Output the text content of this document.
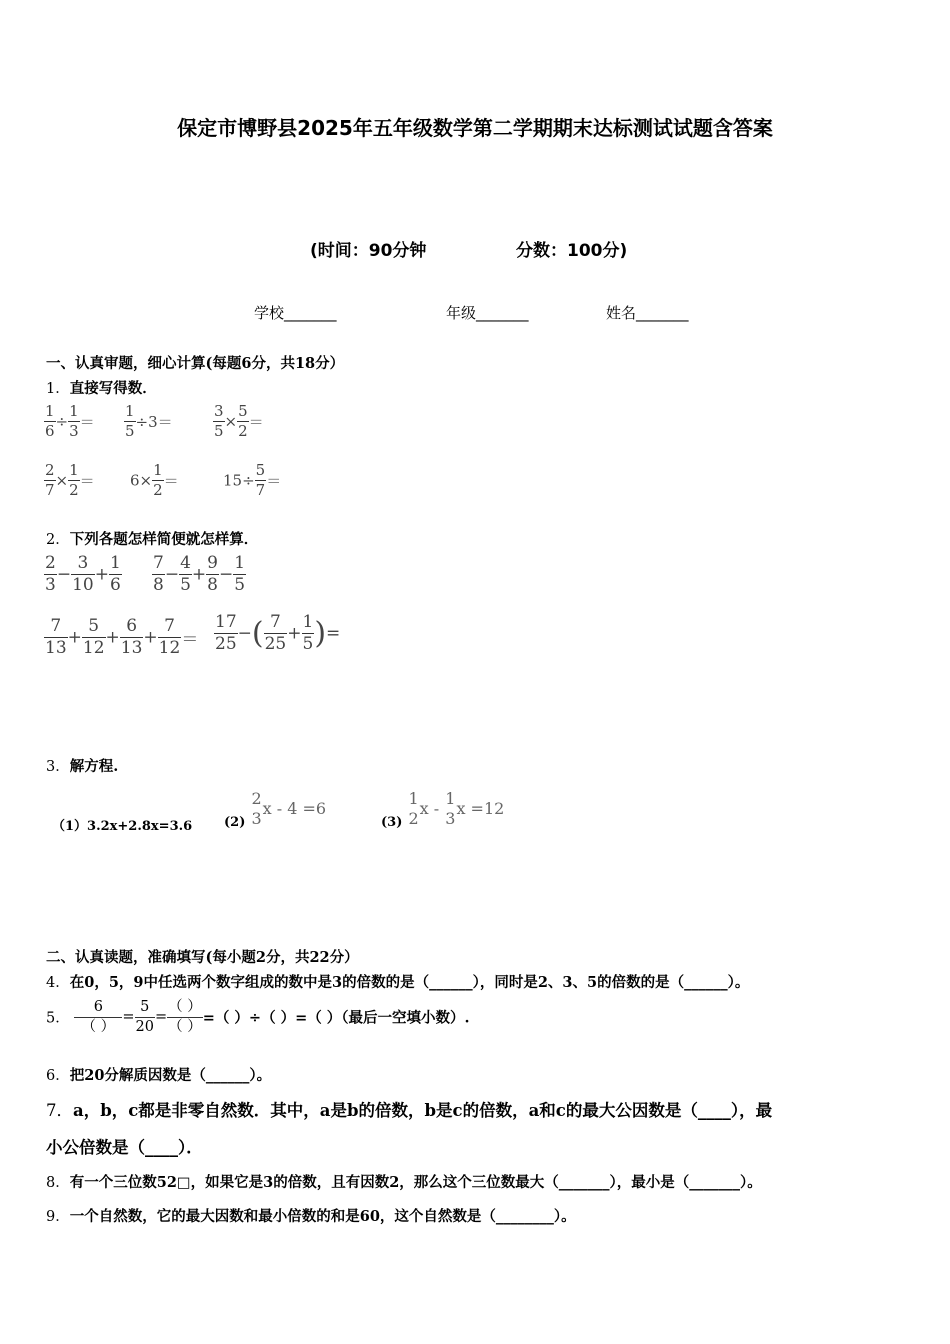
保定市博野县2025年五年级数学第二学期期末达标测试试题含答案
(时间：90分钟	分数：100分)
学校_______	年级_______	姓名_______
一、认真审题，细心计算(每题6分，共18分）
1．直接写得数．
$\frac{1}{6} \div \frac{1}{3} = \frac{1}{5} \div 3=$	$\frac{3}{5} \times \frac{5}{2}$ ＝
$\frac{2}{7} \times \frac{1}{2} = 6\times \frac{1}{2}$ ＝	$15\div \frac{5}{7}$ ＝
2．下列各题怎样简便就怎样算．
$\frac{2}{3} - \frac{3}{10} + \frac{1}{6} \frac{7}{8} - \frac{4}{5} + \frac{9}{8} - \frac{1}{5}$
$\frac{7}{13} + \frac{5}{12} + \frac{6}{13} + \frac{7}{12} = \frac{17}{25}$ −( $\frac{7}{25} + \frac{1}{5}$ )=
3．解方程.
（1）3.2x+2.8x=3.6 (2)
2
3 x - 4 =6
(3)
1
2 x -
1
3 x =12
二、认真读题，准确填写(每小题2分，共22分）
4．在0，5，9中任选两个数字组成的数中是3的倍数的是（______），同时是2、3、5的倍数的是（______）。
5．
6
（ ）
= $\frac{5}{20}$ =
（ ）
（ ） =（ ）÷（ ）=（ ）（最后一空填小数）.
6．把20分解质因数是（______）。
7．a，b，c都是非零自然数．其中，a是b的倍数，b是c的倍数，a和c的最大公因数是（____），最
小公倍数是（____）．
8．有一个三位数52□，如果它是3的倍数，且有因数2，那么这个三位数最大（_______），最小是（_______）。
9．一个自然数，它的最大因数和最小倍数的和是60，这个自然数是（________）。
